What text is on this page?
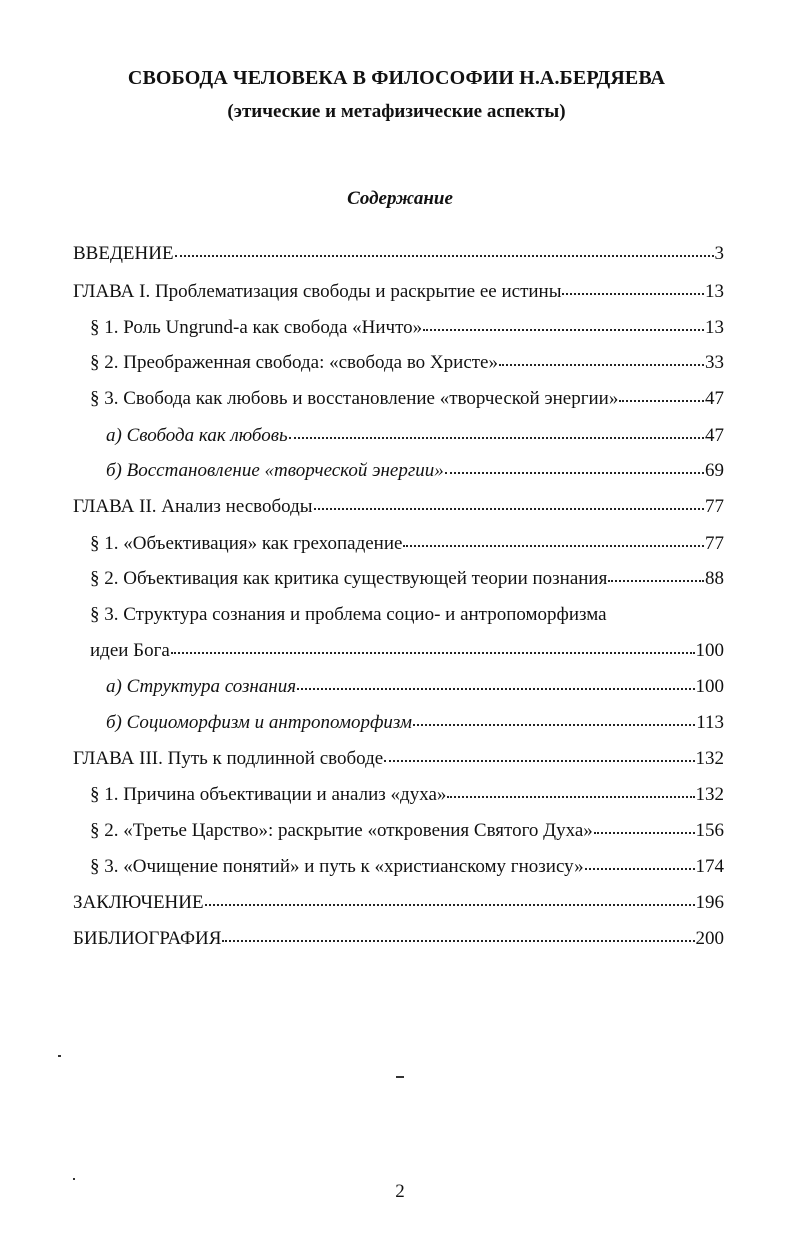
СВОБОДА ЧЕЛОВЕКА В ФИЛОСОФИИ Н.А.БЕРДЯЕВА
(этические и метафизические аспекты)
Содержание
ВВЕДЕНИЕ	3
ГЛАВА I. Проблематизация свободы и раскрытие ее истины	13
§ 1. Роль Ungrund-а как свобода «Ничто»	13
§ 2. Преображенная свобода: «свобода во Христе»	33
§ 3. Свобода как любовь и восстановление «творческой энергии»	47
а) Свобода как любовь	47
б) Восстановление «творческой энергии»	69
ГЛАВА II. Анализ несвободы	77
§ 1. «Объективация» как грехопадение	77
§ 2. Объективация как критика существующей теории познания	88
§ 3. Структура сознания и проблема социо- и антропоморфизма
идеи Бога	100
а) Структура сознания	100
б) Социоморфизм и антропоморфизм	113
ГЛАВА III. Путь к подлинной свободе	132
§ 1. Причина объективации и анализ «духа»	132
§ 2. «Третье Царство»: раскрытие «откровения Святого Духа»	156
§ 3. «Очищение понятий» и путь к «христианскому гнозису»	174
ЗАКЛЮЧЕНИЕ	196
БИБЛИОГРАФИЯ	200
2
